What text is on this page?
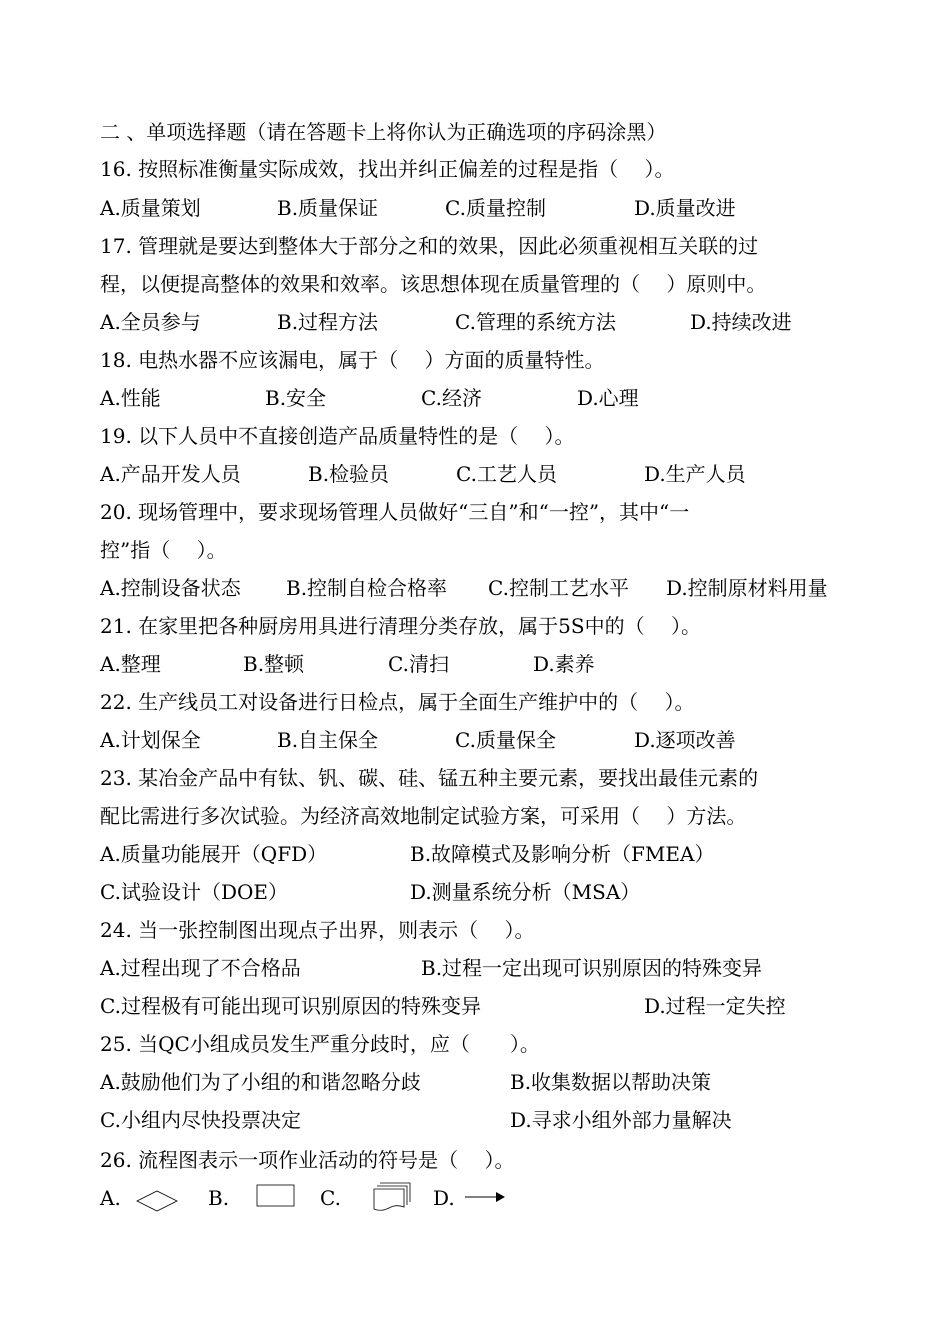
二 、单项选择题（请在答题卡上将你认为正确选项的序码涂黑）
16. 按照标准衡量实际成效，找出并纠正偏差的过程是指（　 ）。
A.质量策划	B.质量保证	C.质量控制	D.质量改进
17. 管理就是要达到整体大于部分之和的效果，因此必须重视相互关联的过
程，以便提高整体的效果和效率。该思想体现在质量管理的（　 ）原则中。
A.全员参与	B.过程方法	C.管理的系统方法	D.持续改进
18. 电热水器不应该漏电，属于（　 ）方面的质量特性。
A.性能	B.安全	C.经济	D.心理
19. 以下人员中不直接创造产品质量特性的是（　 ）。
A.产品开发人员	B.检验员	C.工艺人员	D.生产人员
20. 现场管理中，要求现场管理人员做好“三自”和“一控”，其中“一
控”指（　 ）。
A.控制设备状态 B.控制自检合格率 C.控制工艺水平 D.控制原材料用量
21. 在家里把各种厨房用具进行清理分类存放，属于5S中的（　 ）。
A.整理	B.整顿	C.清扫	D.素养
22. 生产线员工对设备进行日检点，属于全面生产维护中的（　 ）。
A.计划保全	B.自主保全	C.质量保全	D.逐项改善
23. 某冶金产品中有钛、钒、碳、硅、锰五种主要元素，要找出最佳元素的
配比需进行多次试验。为经济高效地制定试验方案，可采用（　 ）方法。
A.质量功能展开（QFD）	B.故障模式及影响分析（FMEA）
C.试验设计（DOE）	D.测量系统分析（MSA）
24. 当一张控制图出现点子出界，则表示（　 ）。
A.过程出现了不合格品	B.过程一定出现可识别原因的特殊变异
C.过程极有可能出现可识别原因的特殊变异	D.过程一定失控
25. 当QC小组成员发生严重分歧时，应（　　）。
A.鼓励他们为了小组的和谐忽略分歧	B.收集数据以帮助决策
C.小组内尽快投票决定	D.寻求小组外部力量解决
26. 流程图表示一项作业活动的符号是（　 ）。
A.	B.	C.	D.
